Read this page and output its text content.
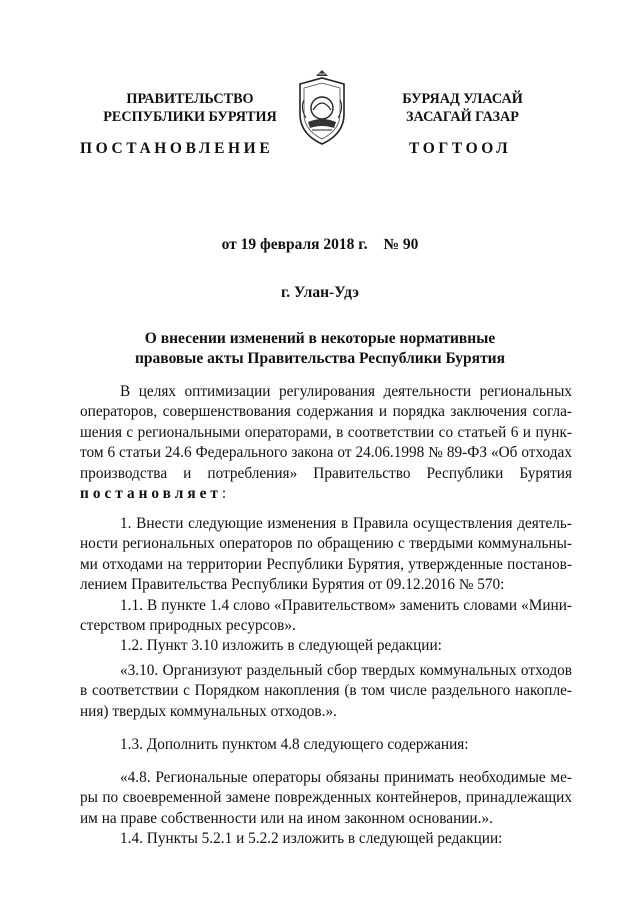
ПРАВИТЕЛЬСТВО
РЕСПУБЛИКИ БУРЯТИЯ
БУРЯАД УЛАСАЙ
ЗАСАГАЙ ГАЗАР
ПОСТАНОВЛЕНИЕ	ТОГТООЛ
от 19 февраля 2018 г. № 90
г. Улан-Удэ
О внесении изменений в некоторые нормативные
правовые акты Правительства Республики Бурятия
В целях оптимизации регулирования деятельности региональных
операторов, совершенствования содержания и порядка заключения согла-
шения с региональными операторами, в соответствии со статьей 6 и пунк-
том 6 статьи 24.6 Федерального закона от 24.06.1998 № 89-ФЗ «Об отходах
производства и потребления» Правительство Республики Бурятия
постановляет:
1. Внести следующие изменения в Правила осуществления деятель-
ности региональных операторов по обращению с твердыми коммунальны-
ми отходами на территории Республики Бурятия, утвержденные постанов-
лением Правительства Республики Бурятия от 09.12.2016 № 570:
1.1. В пункте 1.4 слово «Правительством» заменить словами «Мини-
стерством природных ресурсов».
1.2. Пункт 3.10 изложить в следующей редакции:
«3.10. Организуют раздельный сбор твердых коммунальных отходов
в соответствии с Порядком накопления (в том числе раздельного накопле-
ния) твердых коммунальных отходов.».
1.3. Дополнить пунктом 4.8 следующего содержания:
«4.8. Региональные операторы обязаны принимать необходимые ме-
ры по своевременной замене поврежденных контейнеров, принадлежащих
им на праве собственности или на ином законном основании.».
1.4. Пункты 5.2.1 и 5.2.2 изложить в следующей редакции:
